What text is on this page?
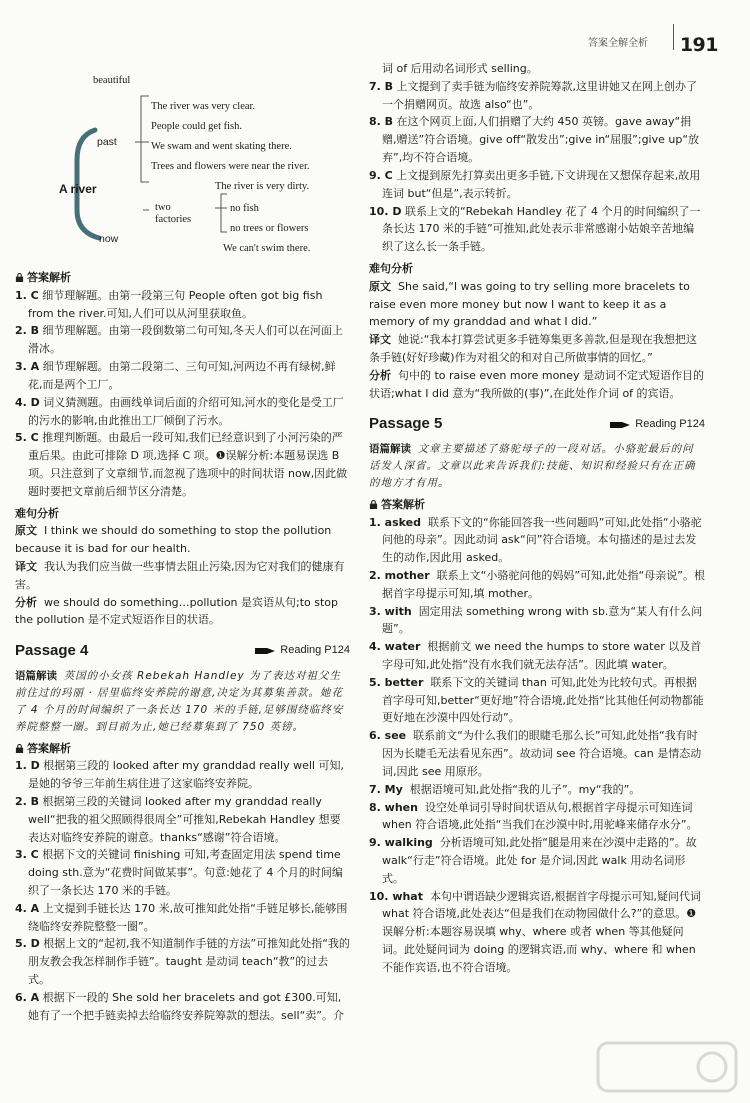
答案全解全析 191
beautiful
past
A river
The river was very clear.
People could get fish.
We swam and went skating there.
Trees and flowers were near the river.
now
two
factories
The river is very dirty.
no fish
no trees or flowers
We can't swim there.
答案解析

1. C 细节理解题。由第一段第三句 People often got big fish from the river.可知,人们可以从河里获取鱼。

2. B 细节理解题。由第一段倒数第二句可知,冬天人们可以在河面上滑冰。

3. A 细节理解题。由第二段第二、三句可知,河两边不再有绿树,鲜花,而是两个工厂。

4. D 词义猜测题。由画线单词后面的介绍可知,河水的变化是受工厂的污水的影响,由此推出工厂倾倒了污水。

5. C 推理判断题。由最后一段可知,我们已经意识到了小河污染的严重后果。由此可排除 D 项,选择 C 项。❶误解分析:本题易误选 B 项。只注意到了文章细节,而忽视了选项中的时间状语 now,因此做题时要把文章前后细节区分清楚。

难句分析

原文 I think we should do something to stop the pollution because it is bad for our health.

译文 我认为我们应当做一些事情去阻止污染,因为它对我们的健康有害。

分析 we should do something…pollution 是宾语从句;to stop the pollution 是不定式短语作目的状语。

Passage 4	Reading P124

语篇解读 英国的小女孩 Rebekah Handley 为了表达对祖父生前住过的玛丽 · 居里临终安养院的谢意,决定为其募集善款。她花了 4 个月的时间编织了一条长达 170 米的手链,足够围绕临终安养院整整一圈。到目前为止,她已经募集到了 750 英镑。

答案解析

1. D 根据第三段的 looked after my granddad really well 可知,是她的爷爷三年前生病住进了这家临终安养院。

2. B 根据第三段的关键词 looked after my granddad really well“把我的祖父照顾得很周全”可推知,Rebekah Handley 想要表达对临终安养院的谢意。thanks“感谢”符合语境。

3. C 根据下文的关键词 finishing 可知,考查固定用法 spend time doing sth.意为“花费时间做某事”。句意:她花了 4 个月的时间编织了一条长达 170 米的手链。

4. A 上文提到手链长达 170 米,故可推知此处指“手链足够长,能够围绕临终安养院整整一圈”。

5. D 根据上文的“起初,我不知道制作手链的方法”可推知此处指“我的朋友教会我怎样制作手链”。taught 是动词 teach“教”的过去式。

6. A 根据下一段的 She sold her bracelets and got £300.可知,她有了一个把手链卖掉去给临终安养院筹款的想法。sell“卖”。介

词 of 后用动名词形式 selling。

7. B 上文提到了卖手链为临终安养院筹款,这里讲她又在网上创办了一个捐赠网页。故选 also“也”。

8. B 在这个网页上面,人们捐赠了大约 450 英镑。gave away“捐赠,赠送”符合语境。give off“散发出”;give in“屈服”;give up“放弃”,均不符合语境。

9. C 上文提到原先打算卖出更多手链,下文讲现在又想保存起来,故用连词 but“但是”,表示转折。

10. D 联系上文的“Rebekah Handley 花了 4 个月的时间编织了一条长达 170 米的手链”可推知,此处表示非常感谢小姑娘辛苦地编织了这么长一条手链。

难句分析

原文 She said,“I was going to try selling more bracelets to raise even more money but now I want to keep it as a memory of my granddad and what I did.”

译文 她说:“我本打算尝试更多手链筹集更多善款,但是现在我想把这条手链(好好珍藏)作为对祖父的和对自己所做事情的回忆。”

分析 句中的 to raise even more money 是动词不定式短语作目的状语;what I did 意为“我所做的(事)”,在此处作介词 of 的宾语。

Passage 5	Reading P124

语篇解读 文章主要描述了骆驼母子的一段对话。小骆驼最后的问话发人深省。文章以此来告诉我们:技能、知识和经验只有在正确的地方才有用。

答案解析

1. asked 联系下文的“你能回答我一些问题吗”可知,此处指“小骆驼问他的母亲”。因此动词 ask“问”符合语境。本句描述的是过去发生的动作,因此用 asked。

2. mother 联系上文“小骆驼问他的妈妈”可知,此处指“母亲说”。根据首字母提示可知,填 mother。

3. with 固定用法 something wrong with sb.意为“某人有什么问题”。

4. water 根据前文 we need the humps to store water 以及首字母可知,此处指“没有水我们就无法存活”。因此填 water。

5. better 联系下文的关键词 than 可知,此处为比较句式。再根据首字母可知,better“更好地”符合语境,此处指“比其他任何动物都能更好地在沙漠中四处行动”。

6. see 联系前文“为什么我们的眼睫毛那么长”可知,此处指“我有时因为长睫毛无法看见东西”。故动词 see 符合语境。can 是情态动词,因此 see 用原形。

7. My 根据语境可知,此处指“我的儿子”。my“我的”。

8. when 设空处单词引导时间状语从句,根据首字母提示可知连词 when 符合语境,此处指“当我们在沙漠中时,用驼峰来储存水分”。

9. walking 分析语境可知,此处指“腿是用来在沙漠中走路的”。故 walk“行走”符合语境。此处 for 是介词,因此 walk 用动名词形式。

10. what 本句中谓语缺少逻辑宾语,根据首字母提示可知,疑问代词 what 符合语境,此处表达“但是我们在动物园做什么?”的意思。❶误解分析:本题容易误填 why、where 或者 when 等其他疑问词。此处疑问词为 doing 的逻辑宾语,而 why、where 和 when 不能作宾语,也不符合语境。
